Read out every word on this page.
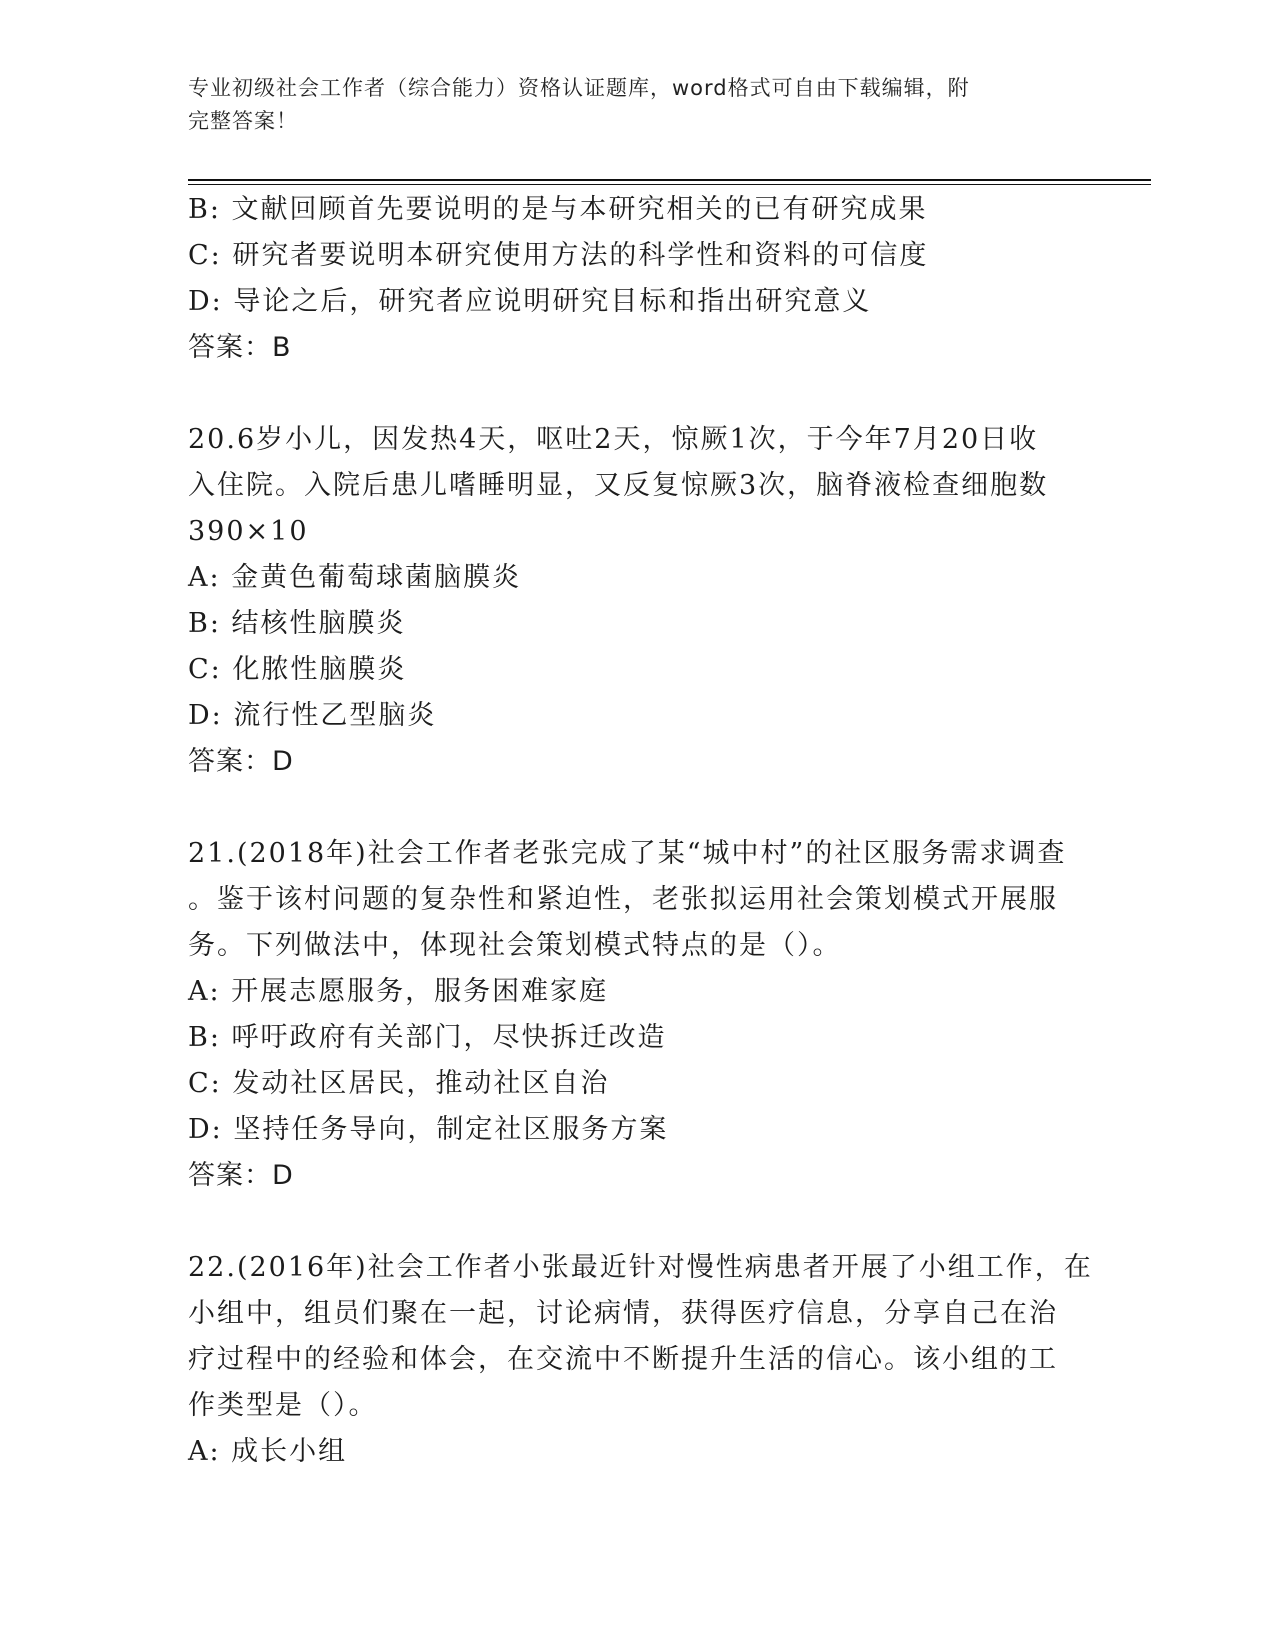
专业初级社会工作者（综合能力）资格认证题库，word格式可自由下载编辑，附
完整答案！
B: 文献回顾首先要说明的是与本研究相关的已有研究成果
C: 研究者要说明本研究使用方法的科学性和资料的可信度
D: 导论之后，研究者应说明研究目标和指出研究意义
答案：B
20.6岁小儿，因发热4天，呕吐2天，惊厥1次，于今年7月20日收
入住院。入院后患儿嗜睡明显，又反复惊厥3次，脑脊液检查细胞数
390×10
A: 金黄色葡萄球菌脑膜炎
B: 结核性脑膜炎
C: 化脓性脑膜炎
D: 流行性乙型脑炎
答案：D
21.(2018年)社会工作者老张完成了某“城中村”的社区服务需求调查
。鉴于该村问题的复杂性和紧迫性，老张拟运用社会策划模式开展服
务。下列做法中，体现社会策划模式特点的是（）。
A: 开展志愿服务，服务困难家庭
B: 呼吁政府有关部门，尽快拆迁改造
C: 发动社区居民，推动社区自治
D: 坚持任务导向，制定社区服务方案
答案：D
22.(2016年)社会工作者小张最近针对慢性病患者开展了小组工作，在
小组中，组员们聚在一起，讨论病情，获得医疗信息，分享自己在治
疗过程中的经验和体会，在交流中不断提升生活的信心。该小组的工
作类型是（）。
A: 成长小组
